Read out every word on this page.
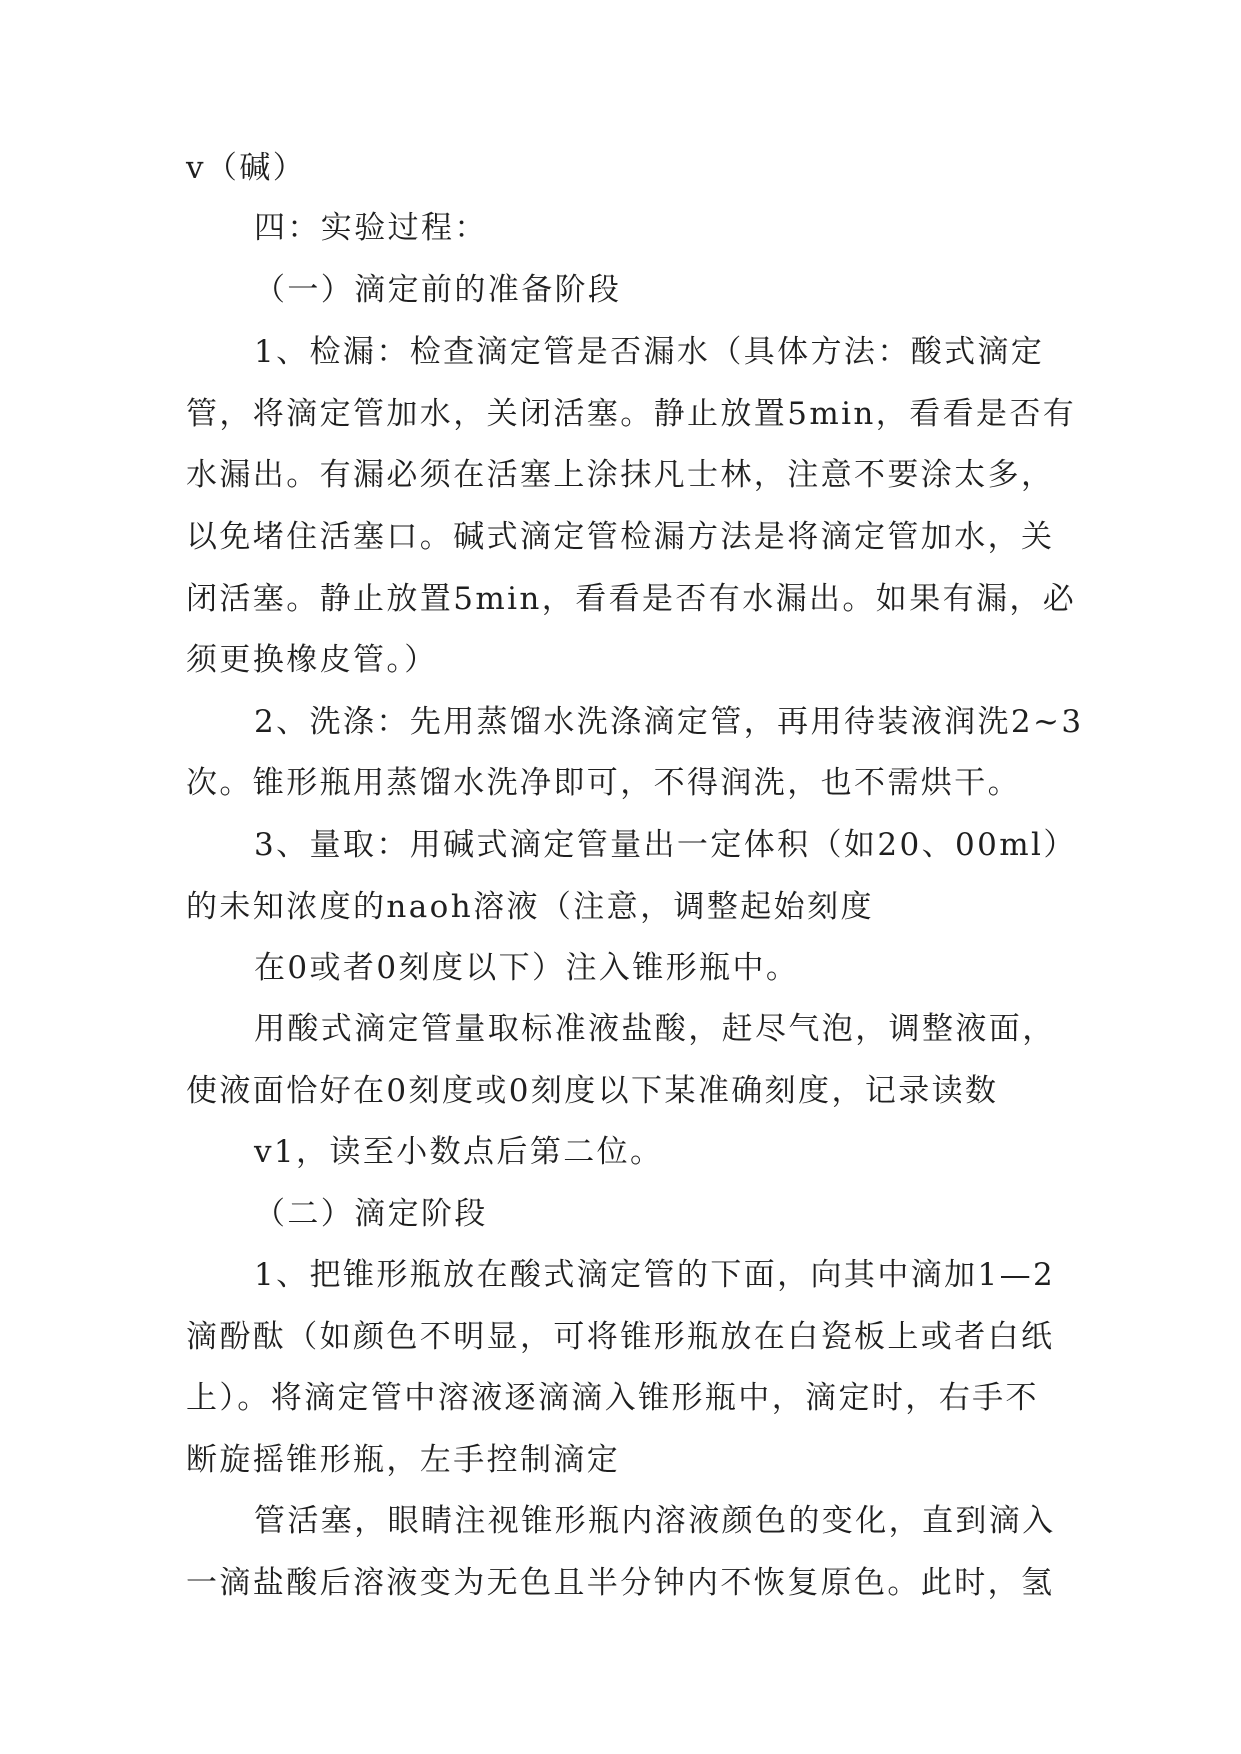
v（碱）
四：实验过程：
（一）滴定前的准备阶段
1、检漏：检查滴定管是否漏水（具体方法：酸式滴定
管，将滴定管加水，关闭活塞。静止放置5min，看看是否有
水漏出。有漏必须在活塞上涂抹凡士林，注意不要涂太多，
以免堵住活塞口。碱式滴定管检漏方法是将滴定管加水，关
闭活塞。静止放置5min，看看是否有水漏出。如果有漏，必
须更换橡皮管。）
2、洗涤：先用蒸馏水洗涤滴定管，再用待装液润洗2~3
次。锥形瓶用蒸馏水洗净即可，不得润洗，也不需烘干。
3、量取：用碱式滴定管量出一定体积（如20、00ml）
的未知浓度的naoh溶液（注意，调整起始刻度
在0或者0刻度以下）注入锥形瓶中。
用酸式滴定管量取标准液盐酸，赶尽气泡，调整液面，
使液面恰好在0刻度或0刻度以下某准确刻度，记录读数
v1，读至小数点后第二位。
（二）滴定阶段
1、把锥形瓶放在酸式滴定管的下面，向其中滴加1—2
滴酚酞（如颜色不明显，可将锥形瓶放在白瓷板上或者白纸
上）。将滴定管中溶液逐滴滴入锥形瓶中，滴定时，右手不
断旋摇锥形瓶，左手控制滴定
管活塞，眼睛注视锥形瓶内溶液颜色的变化，直到滴入
一滴盐酸后溶液变为无色且半分钟内不恢复原色。此时，氢
